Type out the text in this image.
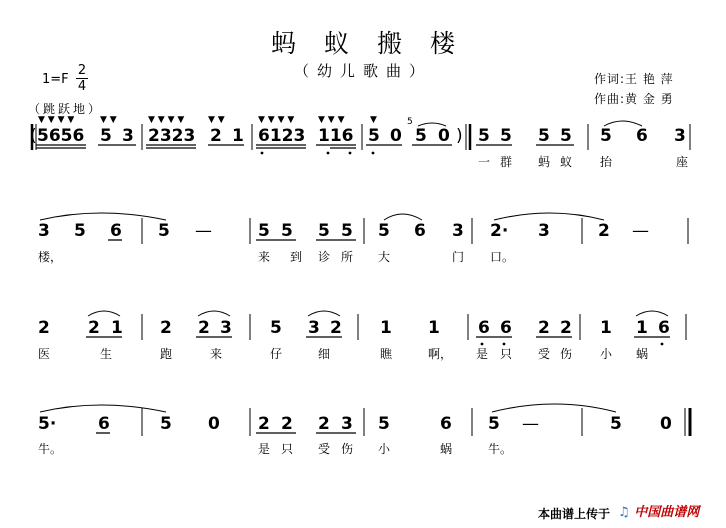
蚂蚁搬楼
（幼儿歌曲）
1=F
2
4	作词:王 艳 萍
作曲:黄 金 勇
（跳跃地）
▼ ▼ ▼ ▼	▼ ▼	▼ ▼ ▼ ▼	▼ ▼	▼ ▼ ▼ ▼	▼ ▼ ▼	▼
( 5656 5 3 2323 2 1 6123 116 5 0 5 0
5
) 5 5 5 5 5 6 3
一 群 蚂 蚁 抬	座
3 5 6 5 —	5 5 5 5 5 6 3 2· 3	2 —
楼，	来 到 诊 所 大	门 口。
2 2 1 2 2 3 5 3 2 1 1 6 6 2 2 1 1 6
医	生	跑	来	仔	细	瞧	啊， 是 只 受 伤 小 蜗
5· 6	5 0 2 2 2 3 5	6 5 —	5 0
牛。	是 只 受 伤 小	蜗	牛。
本曲谱上传于 ♫ 中国曲谱网
